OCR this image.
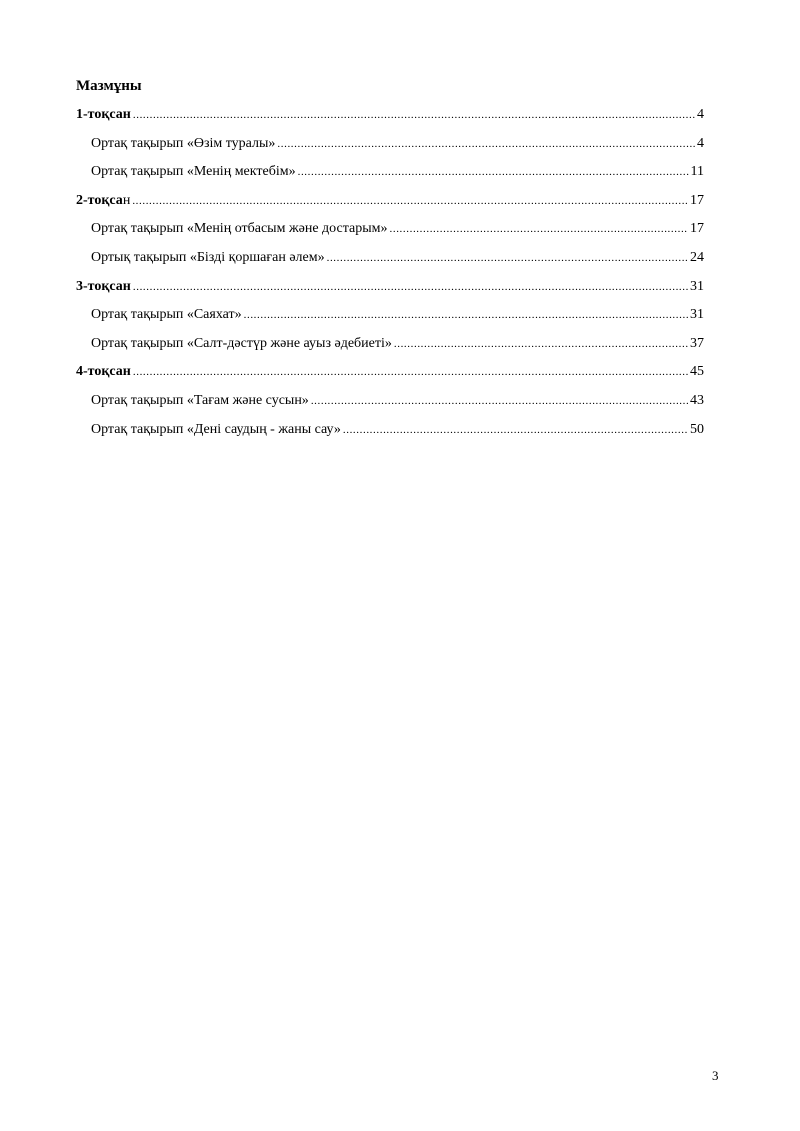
Мазмұны
1-тоқсан .....	4
Ортақ тақырып «Өзім туралы» .....	4
Ортақ тақырып «Менің мектебім» .....	11
2-тоқсан .....	17
Ортақ тақырып «Менің отбасым және достарым» .....	17
Ортық тақырып «Бізді қоршаған әлем» .....	24
3-тоқсан .....	31
Ортақ тақырып «Саяхат» .....	31
Ортақ тақырып «Салт-дәстүр және ауыз әдебиеті» .....	37
4-тоқсан .....	45
Ортақ тақырып «Тағам және сусын» .....	43
Ортақ тақырып «Дені саудың - жаны сау» .....	50
3
